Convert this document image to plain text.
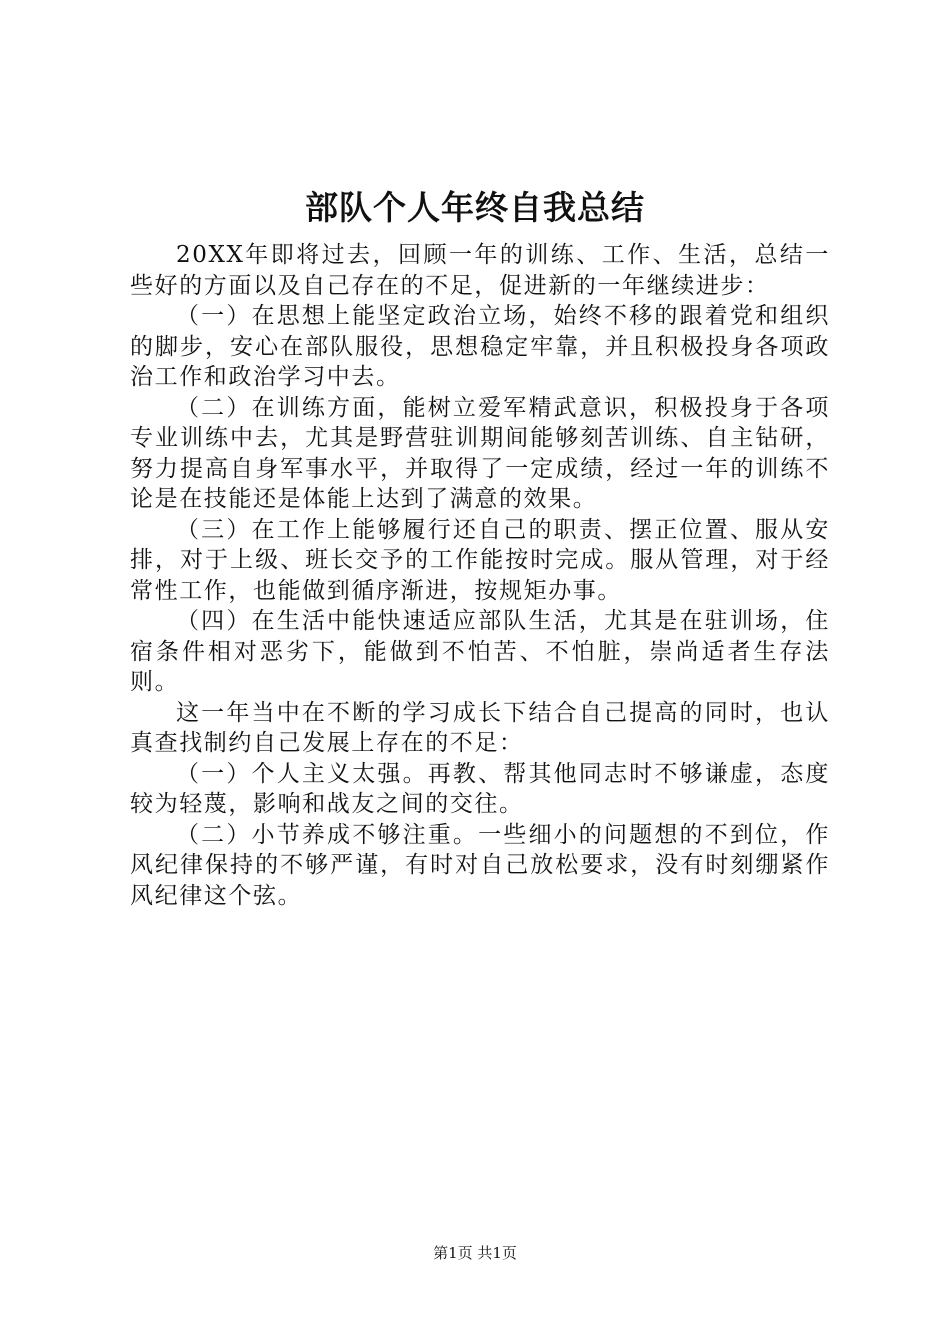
部队个人年终自我总结

20XX年即将过去，回顾一年的训练、工作、生活，总结一些好的方面以及自己存在的不足，促进新的一年继续进步：

（一）在思想上能坚定政治立场，始终不移的跟着党和组织的脚步，安心在部队服役，思想稳定牢靠，并且积极投身各项政治工作和政治学习中去。

（二）在训练方面，能树立爱军精武意识，积极投身于各项专业训练中去，尤其是野营驻训期间能够刻苦训练、自主钻研，努力提高自身军事水平，并取得了一定成绩，经过一年的训练不论是在技能还是体能上达到了满意的效果。

（三）在工作上能够履行还自己的职责、摆正位置、服从安排，对于上级、班长交予的工作能按时完成。服从管理，对于经常性工作，也能做到循序渐进，按规矩办事。

（四）在生活中能快速适应部队生活，尤其是在驻训场，住宿条件相对恶劣下，能做到不怕苦、不怕脏，崇尚适者生存法则。

这一年当中在不断的学习成长下结合自己提高的同时，也认真查找制约自己发展上存在的不足：

（一）个人主义太强。再教、帮其他同志时不够谦虚，态度较为轻蔑，影响和战友之间的交往。

（二）小节养成不够注重。一些细小的问题想的不到位，作风纪律保持的不够严谨，有时对自己放松要求，没有时刻绷紧作风纪律这个弦。

第1页 共1页
